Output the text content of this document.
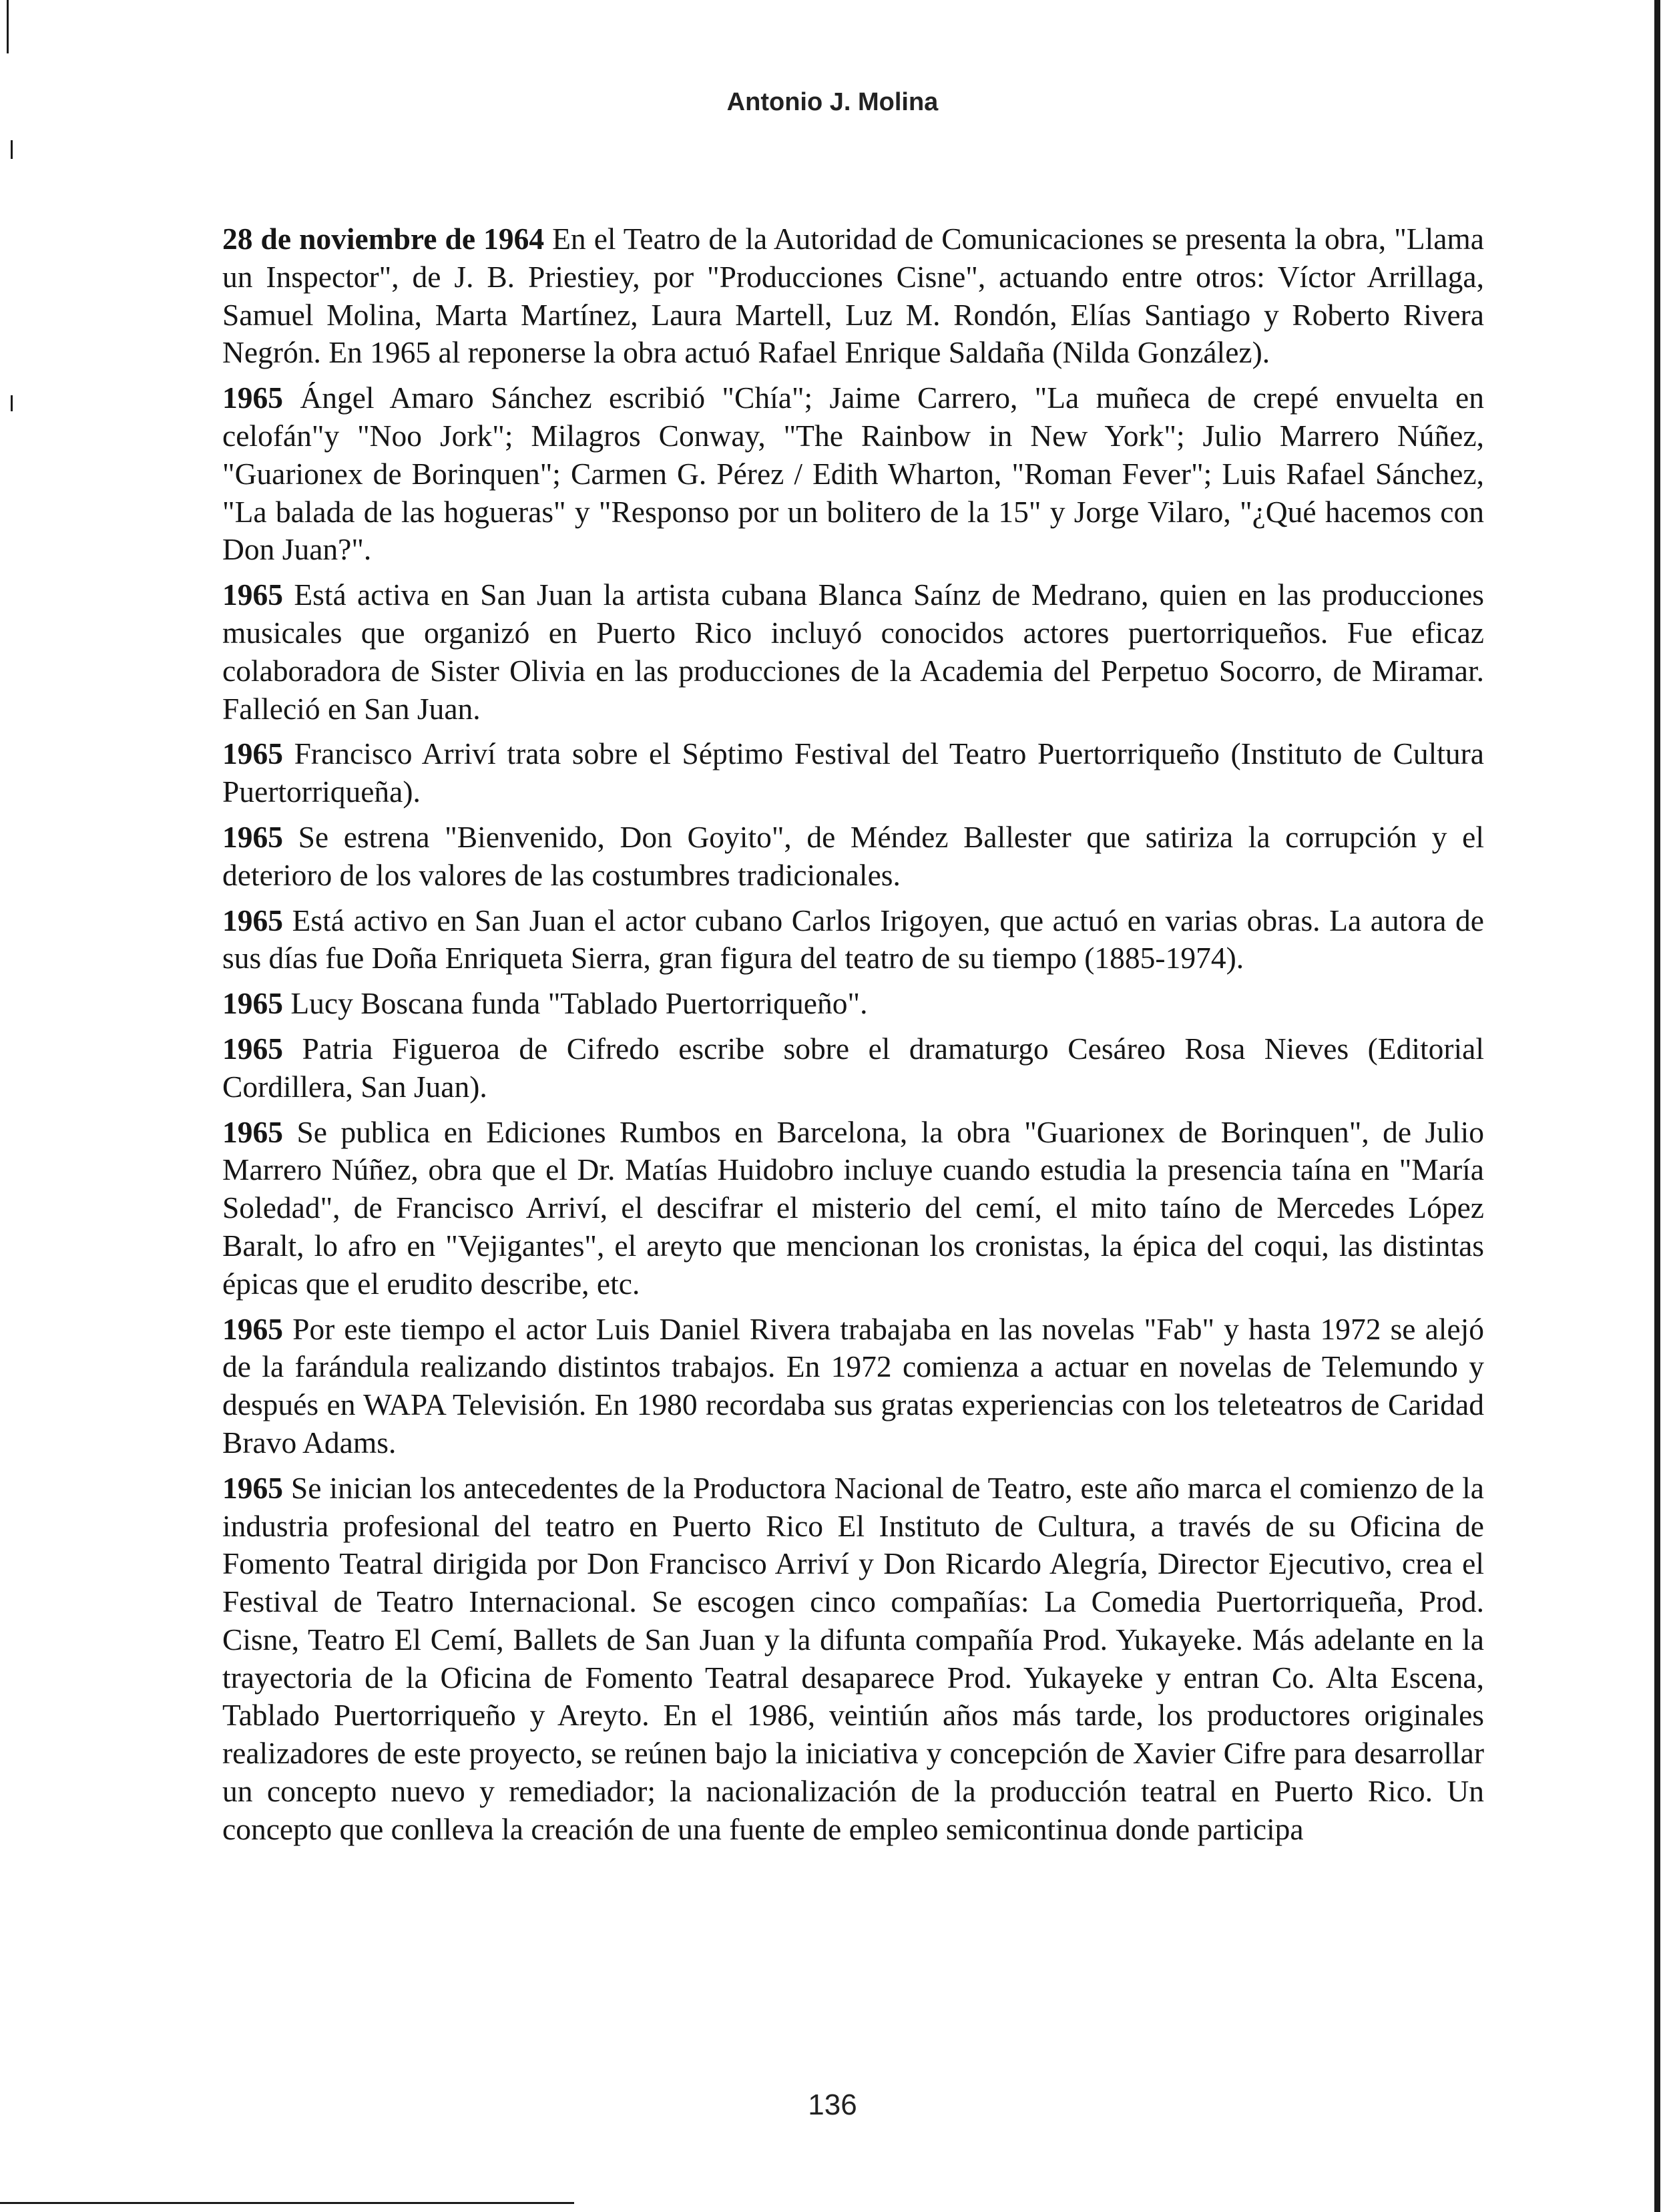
Antonio J. Molina

28 de noviembre de 1964 En el Teatro de la Autoridad de Comunicaciones se presenta la obra, "Llama un Inspector", de J. B. Priestiey, por "Producciones Cisne", actuando entre otros: Víctor Arrillaga, Samuel Molina, Marta Martínez, Laura Martell, Luz M. Rondón, Elías Santiago y Roberto Rivera Negrón. En 1965 al reponerse la obra actuó Rafael Enrique Saldaña (Nilda González).

1965 Ángel Amaro Sánchez escribió "Chía"; Jaime Carrero, "La muñeca de crepé envuelta en celofán"y "Noo Jork"; Milagros Conway, "The Rainbow in New York"; Julio Marrero Núñez, "Guarionex de Borinquen"; Carmen G. Pérez / Edith Wharton, "Roman Fever"; Luis Rafael Sánchez, "La balada de las hogueras" y "Responso por un bolitero de la 15" y Jorge Vilaro, "¿Qué hacemos con Don Juan?".

1965 Está activa en San Juan la artista cubana Blanca Saínz de Medrano, quien en las producciones musicales que organizó en Puerto Rico incluyó conocidos actores puertorriqueños. Fue eficaz colaboradora de Sister Olivia en las producciones de la Academia del Perpetuo Socorro, de Miramar. Falleció en San Juan.

1965 Francisco Arriví trata sobre el Séptimo Festival del Teatro Puertorriqueño (Instituto de Cultura Puertorriqueña).

1965 Se estrena "Bienvenido, Don Goyito", de Méndez Ballester que satiriza la corrupción y el deterioro de los valores de las costumbres tradicionales.

1965 Está activo en San Juan el actor cubano Carlos Irigoyen, que actuó en varias obras. La autora de sus días fue Doña Enriqueta Sierra, gran figura del teatro de su tiempo (1885-1974).

1965 Lucy Boscana funda "Tablado Puertorriqueño".

1965 Patria Figueroa de Cifredo escribe sobre el dramaturgo Cesáreo Rosa Nieves (Editorial Cordillera, San Juan).

1965 Se publica en Ediciones Rumbos en Barcelona, la obra "Guarionex de Borinquen", de Julio Marrero Núñez, obra que el Dr. Matías Huidobro incluye cuando estudia la presencia taína en "María Soledad", de Francisco Arriví, el descifrar el misterio del cemí, el mito taíno de Mercedes López Baralt, lo afro en "Vejigantes", el areyto que mencionan los cronistas, la épica del coqui, las distintas épicas que el erudito describe, etc.

1965 Por este tiempo el actor Luis Daniel Rivera trabajaba en las novelas "Fab" y hasta 1972 se alejó de la farándula realizando distintos trabajos. En 1972 comienza a actuar en novelas de Telemundo y después en WAPA Televisión. En 1980 recordaba sus gratas experiencias con los teleteatros de Caridad Bravo Adams.

1965 Se inician los antecedentes de la Productora Nacional de Teatro, este año marca el comienzo de la industria profesional del teatro en Puerto Rico El Instituto de Cultura, a través de su Oficina de Fomento Teatral dirigida por Don Francisco Arriví y Don Ricardo Alegría, Director Ejecutivo, crea el Festival de Teatro Internacional. Se escogen cinco compañías: La Comedia Puertorriqueña, Prod. Cisne, Teatro El Cemí, Ballets de San Juan y la difunta compañía Prod. Yukayeke. Más adelante en la trayectoria de la Oficina de Fomento Teatral desaparece Prod. Yukayeke y entran Co. Alta Escena, Tablado Puertorriqueño y Areyto. En el 1986, veintiún años más tarde, los productores originales realizadores de este proyecto, se reúnen bajo la iniciativa y concepción de Xavier Cifre para desarrollar un concepto nuevo y remediador; la nacionalización de la producción teatral en Puerto Rico. Un concepto que conlleva la creación de una fuente de empleo semicontinua donde participa

136
